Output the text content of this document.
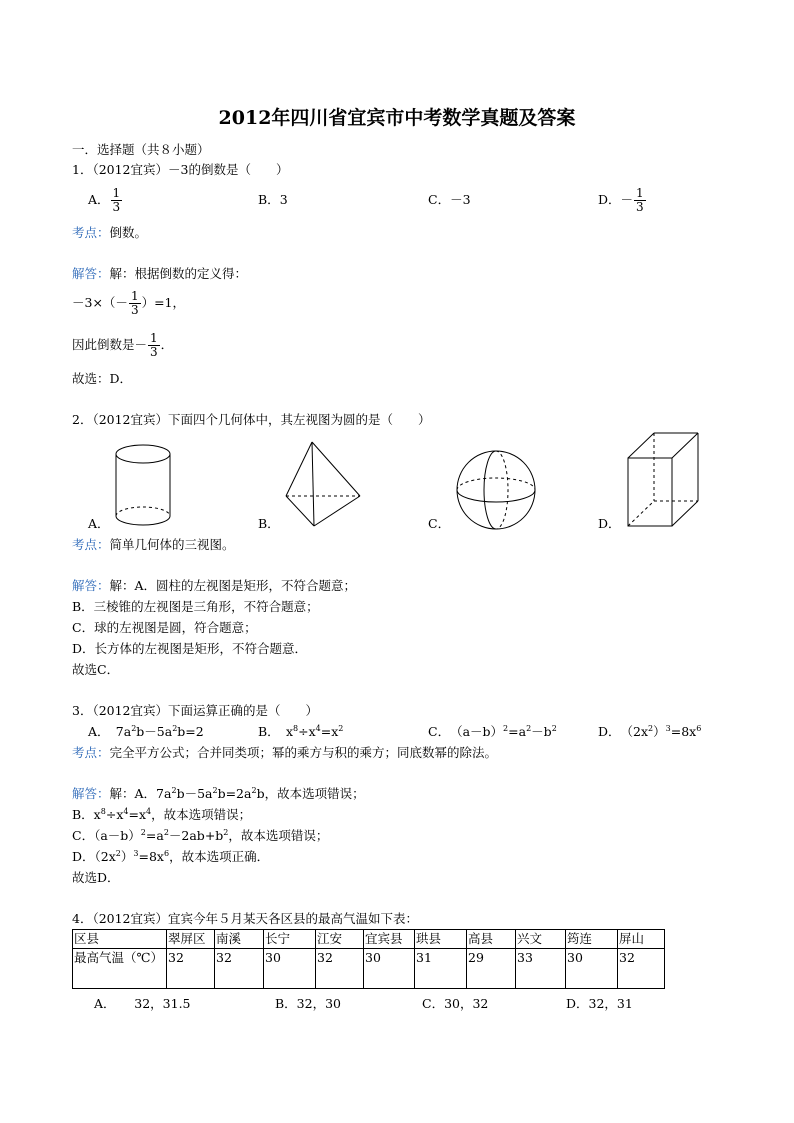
2012年四川省宜宾市中考数学真题及答案
一．选择题（共８小题）
1．（2012宜宾）－3的倒数是（　　）
A． $\frac{1}{3}$	B．3	C．－3	D．－ $\frac{1}{3}$
考点：倒数。
解答：解：根据倒数的定义得：
$-3\times(- \frac{1}{3} )=1$，
因此倒数是－ $\frac{1}{3}$ ．
故选：D．
2．（2012宜宾）下面四个几何体中，其左视图为圆的是（　　）
A．	B．	C．	D．
考点：简单几何体的三视图。
解答：解：A．圆柱的左视图是矩形，不符合题意；
B．三棱锥的左视图是三角形，不符合题意；
C．球的左视图是圆，符合题意；
D．长方体的左视图是矩形，不符合题意．
故选C．
3．（2012宜宾）下面运算正确的是（　　）
A．　$7a^2b-5a^2b=2$	B．　$x^8\div x^4=x^2$	C．　$(a-b)^2=a^2-b^2$	D．　$(2x^2)^3=8x^6$
考点：完全平方公式；合并同类项；幂的乘方与积的乘方；同底数幂的除法。
解答：解：A．$7a^2b-5a^2b=2a^2b$，故本选项错误；
B．$x^8\div x^4=x^4$，故本选项错误；
C．$(a-b)^2=a^2-2ab+b^2$，故本选项错误；
D．$(2x^2)^3=8x^6$，故本选项正确．
故选D．
4．（2012宜宾）宜宾今年５月某天各区县的最高气温如下表：
区县	翠屏区	南溪	长宁	江安	宜宾县	珙县	高县	兴文	筠连	屏山
最高气温（℃）	32	32	30	32	30	31	29	33	30	32
A．　　32，31.5	B．32，30	C．30，32	D．32，31
